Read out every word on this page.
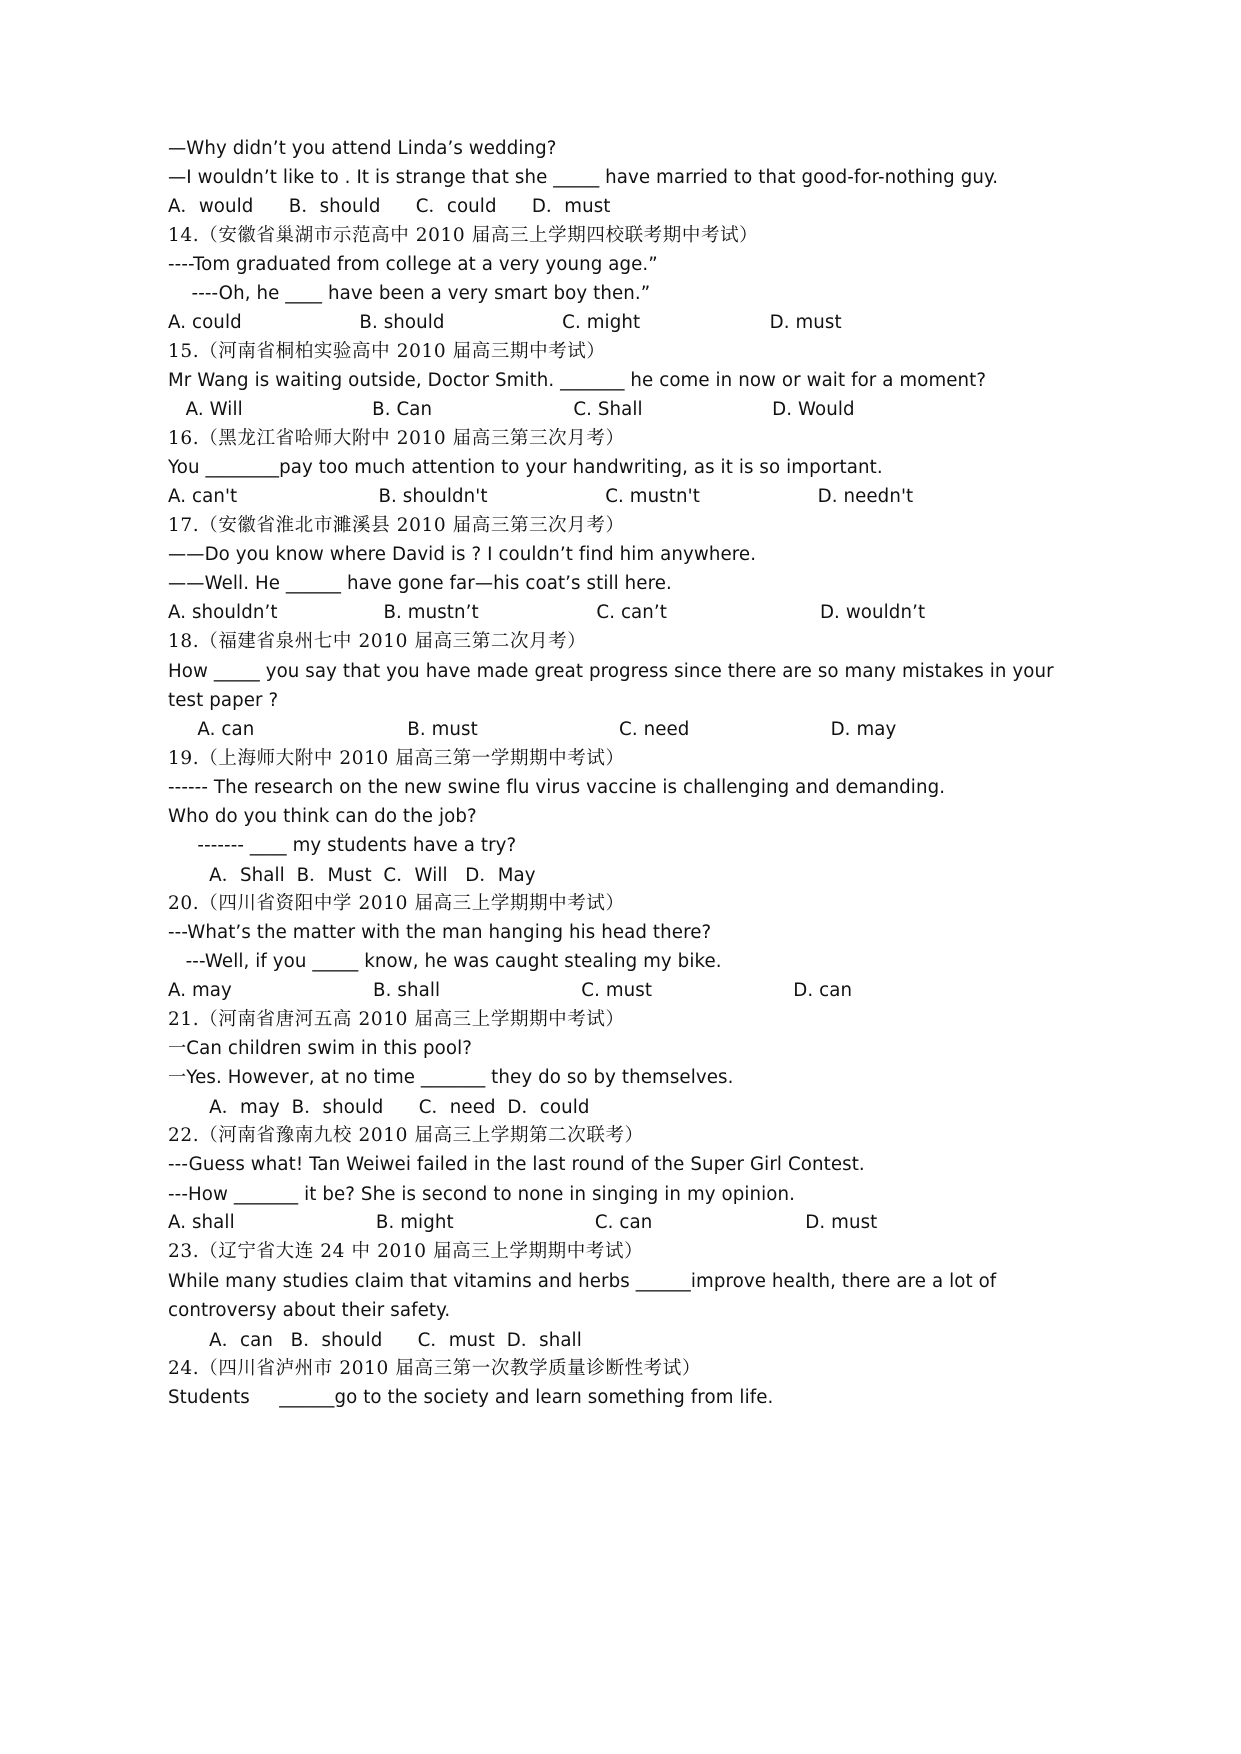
—Why didn’t you attend Linda’s wedding?
—I wouldn’t like to . It is strange that she _____ have married to that good-for-nothing guy.
A．would      B．should      C．could      D．must
14.（安徽省巢湖市示范高中 2010 届高三上学期四校联考期中考试）
----Tom graduated from college at a very young age.”
----Oh, he ____ have been a very smart boy then.”
A. could                    B. should                    C. might                      D. must
15.（河南省桐柏实验高中 2010 届高三期中考试）
Mr Wang is waiting outside, Doctor Smith. _______ he come in now or wait for a moment?
A. Will                      B. Can                        C. Shall                      D. Would
16.（黑龙江省哈师大附中 2010 届高三第三次月考）
You ________pay too much attention to your handwriting, as it is so important.
A. can't                        B. shouldn't                    C. mustn't                    D. needn't
17.（安徽省淮北市濉溪县 2010 届高三第三次月考）
——Do you know where David is ? I couldn’t find him anywhere.
——Well. He ______ have gone far—his coat’s still here.
A. shouldn’t                  B. mustn’t                    C. can’t                          D. wouldn’t
18.（福建省泉州七中 2010 届高三第二次月考）
How _____ you say that you have made great progress since there are so many mistakes in your
test paper ?
A. can                          B. must                        C. need                        D. may
19.（上海师大附中 2010 届高三第一学期期中考试）
------ The research on the new swine flu virus vaccine is challenging and demanding.
Who do you think can do the job?
------- ____ my students have a try?
A．Shall  B．Must  C．Will   D．May
20.（四川省资阳中学 2010 届高三上学期期中考试）
---What’s the matter with the man hanging his head there?
---Well, if you _____ know, he was caught stealing my bike.
A. may                        B. shall                        C. must                        D. can
21.（河南省唐河五高 2010 届高三上学期期中考试）
一Can children swim in this pool?
一Yes. However, at no time _______ they do so by themselves.
A．may  B．should      C．need  D．could
22.（河南省豫南九校 2010 届高三上学期第二次联考）
---Guess what! Tan Weiwei failed in the last round of the Super Girl Contest.
---How _______ it be? She is second to none in singing in my opinion.
A. shall                        B. might                        C. can                          D. must
23.（辽宁省大连 24 中 2010 届高三上学期期中考试）
While many studies claim that vitamins and herbs ______improve health, there are a lot of
controversy about their safety.
A．can   B．should      C．must  D．shall
24.（四川省泸州市 2010 届高三第一次教学质量诊断性考试）
Students     ______go to the society and learn something from life.
